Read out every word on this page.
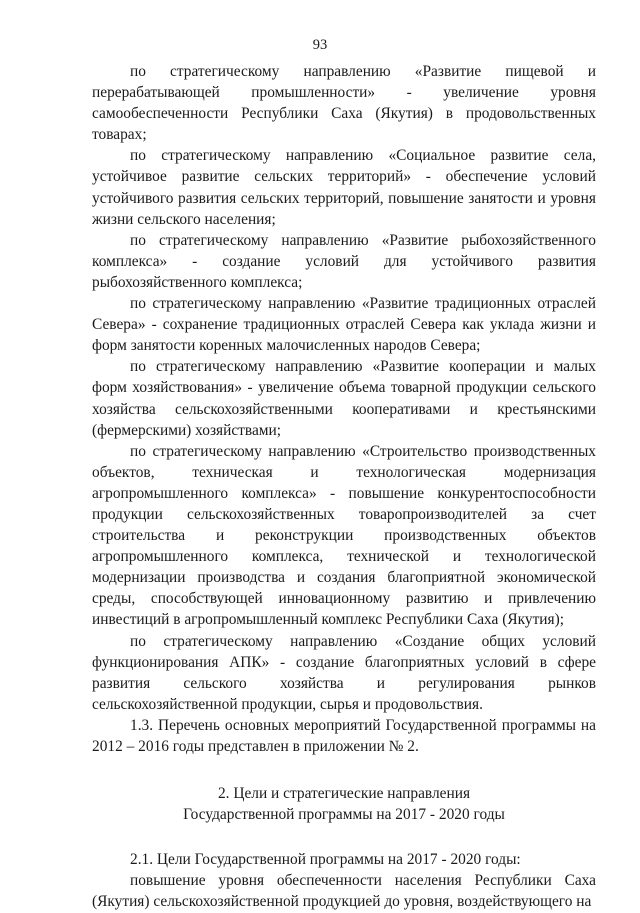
93

по стратегическому направлению «Развитие пищевой и перерабатывающей промышленности» - увеличение уровня самообеспеченности Республики Саха (Якутия) в продовольственных товарах;

по стратегическому направлению «Социальное развитие села, устойчивое развитие сельских территорий» - обеспечение условий устойчивого развития сельских территорий, повышение занятости и уровня жизни сельского населения;

по стратегическому направлению «Развитие рыбохозяйственного комплекса» - создание условий для устойчивого развития рыбохозяйственного комплекса;

по стратегическому направлению «Развитие традиционных отраслей Севера» - сохранение традиционных отраслей Севера как уклада жизни и форм занятости коренных малочисленных народов Севера;

по стратегическому направлению «Развитие кооперации и малых форм хозяйствования» - увеличение объема товарной продукции сельского хозяйства сельскохозяйственными кооперативами и крестьянскими (фермерскими) хозяйствами;

по стратегическому направлению «Строительство производственных объектов, техническая и технологическая модернизация агропромышленного комплекса» - повышение конкурентоспособности продукции сельскохозяйственных товаропроизводителей за счет строительства и реконструкции производственных объектов агропромышленного комплекса, технической и технологической модернизации производства и создания благоприятной экономической среды, способствующей инновационному развитию и привлечению инвестиций в агропромышленный комплекс Республики Саха (Якутия);

по стратегическому направлению «Создание общих условий функционирования АПК» - создание благоприятных условий в сфере развития сельского хозяйства и регулирования рынков сельскохозяйственной продукции, сырья и продовольствия.

1.3. Перечень основных мероприятий Государственной программы на 2012 – 2016 годы представлен в приложении № 2.

2. Цели и стратегические направления

Государственной программы на 2017 - 2020 годы

2.1. Цели Государственной программы на 2017 - 2020 годы:

повышение уровня обеспеченности населения Республики Саха (Якутия) сельскохозяйственной продукцией до уровня, воздействующего на
